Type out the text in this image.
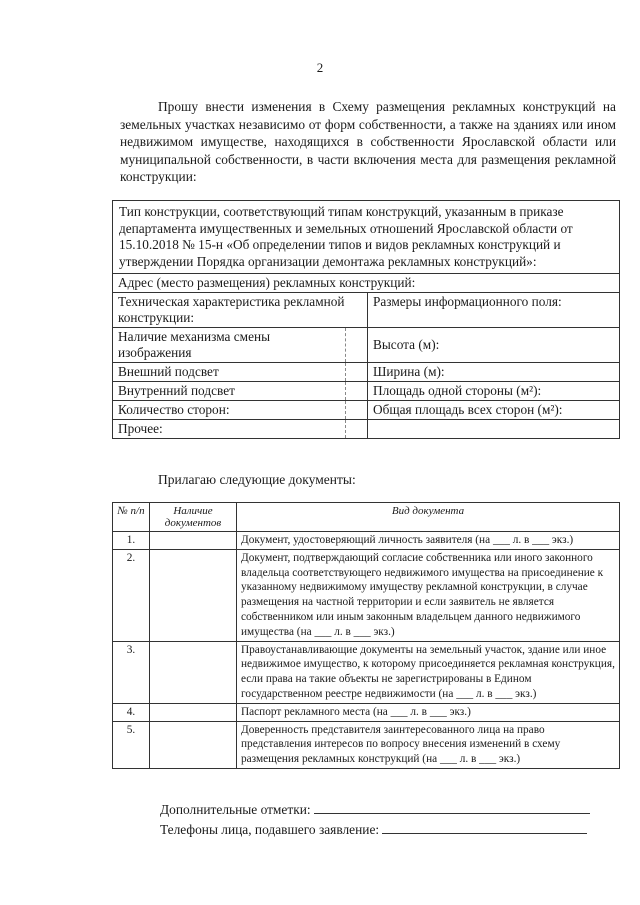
2
Прошу внести изменения в Схему размещения рекламных конструкций на земельных участках независимо от форм собственности, а также на зданиях или ином недвижимом имуществе, находящихся в собственности Ярославской области или муниципальной собственности, в части включения места для размещения рекламной конструкции:
Тип конструкции, соответствующий типам конструкций, указанным в приказе департамента имущественных и земельных отношений Ярославской области от 15.10.2018 № 15-н «Об определении типов и видов рекламных конструкций и утверждении Порядка организации демонтажа рекламных конструкций»:		
Адрес (место размещения) рекламных конструкций:		
Техническая характеристика рекламной конструкции:		Размеры информационного поля:
Наличие механизма смены изображения		Высота (м):
Внешний подсвет		Ширина (м):
Внутренний подсвет		Площадь одной стороны (м²):
Количество сторон:		Общая площадь всех сторон (м²):
Прочее:		
Прилагаю следующие документы:
№ п/п	Наличие документов	Вид документа
1.		Документ, удостоверяющий личность заявителя (на ___ л. в ___ экз.)
2.		Документ, подтверждающий согласие собственника или иного законного владельца соответствующего недвижимого имущества на присоединение к указанному недвижимому имуществу рекламной конструкции, в случае размещения на частной территории и если заявитель не является собственником или иным законным владельцем данного недвижимого имущества (на ___ л. в ___ экз.)
3.		Правоустанавливающие документы на земельный участок, здание или иное недвижимое имущество, к которому присоединяется рекламная конструкция, если права на такие объекты не зарегистрированы в Едином государственном реестре недвижимости (на ___ л. в ___ экз.)
4.		Паспорт рекламного места (на ___ л. в ___ экз.)
5.		Доверенность представителя заинтересованного лица на право представления интересов по вопросу внесения изменений в схему размещения рекламных конструкций (на ___ л. в ___ экз.)
Дополнительные отметки:
Телефоны лица, подавшего заявление:
